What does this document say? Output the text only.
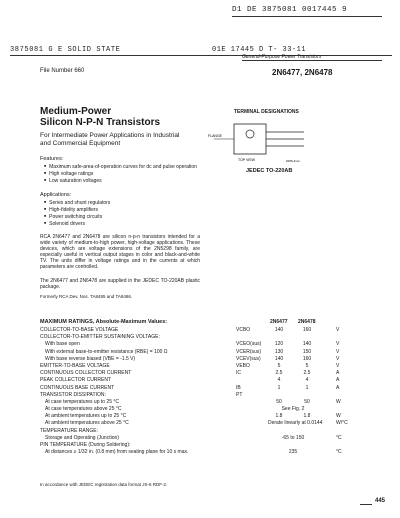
D1 DE 3875081 0017445 9
3875081 G E SOLID STATE	01E 17445 D T- 33-11
General-Purpose Power Transistors
File Number 660	2N6477, 2N6478
Medium-Power
Silicon N-P-N Transistors
For Intermediate Power Applications in Industrial and Commercial Equipment
Features:
■ Maximum safe-area-of-operation curves for dc and pulse operation
■ High voltage ratings
■ Low saturation voltages
Applications:
■ Series and shunt regulators
■ High-fidelity amplifiers
■ Power switching circuits
■ Solenoid drivers
RCA 2N6477 and 2N6478 are silicon n-p-n transistors intended for a wide variety of medium-to-high power, high-voltage applications. These devices, which are voltage extensions of the 2N5298 family, are especially useful in vertical output stages in color and black-and-white TV. The units differ in voltage ratings and in the currents at which parameters are controlled.
The 2N6477 and 2N6478 are supplied in the JEDEC TO-220AB plastic package.
Formerly RCA Dev. Nos. TA8485 and TA8486.
TERMINAL DESIGNATIONS
FLANGE
TOP VIEW	9205-4xxx
JEDEC TO-220AB
MAXIMUM RATINGS, Absolute-Maximum Values:	2N6477 2N6478
COLLECTOR-TO-BASE VOLTAGE	VCBO	140	160	V
COLLECTOR-TO-EMITTER SUSTAINING VOLTAGE:
With base open	VCEO(sus)	120	140	V
With external base-to-emitter resistance (RBE) = 100 Ω	VCER(sus)	130	150	V
With base reverse biased (VBE = -1.5 V)	VCEV(sus)	140	160	V
EMITTER-TO-BASE VOLTAGE	VEBO	5	5	V
CONTINUOUS COLLECTOR CURRENT	IC	2.5	2.5	A
PEAK COLLECTOR CURRENT	4	4	A
CONTINUOUS BASE CURRENT	IB	1	1	A
TRANSISTOR DISSIPATION:	PT
At case temperatures up to 25 °C	50	50	W
At case temperatures above 25 °C	See Fig. 2
At ambient temperatures up to 25 °C	1.8	1.8	W
At ambient temperatures above 25 °C	Derate linearly at 0.0144	W/°C
TEMPERATURE RANGE:
Storage and Operating (Junction)	-65 to 150	°C
PIN TEMPERATURE (During Soldering):
At distances ≥ 1/32 in. (0.8 mm) from seating plane for 10 s max.	235	°C
In accordance with JEDEC registration data format JS-6 RDF-2.
445
